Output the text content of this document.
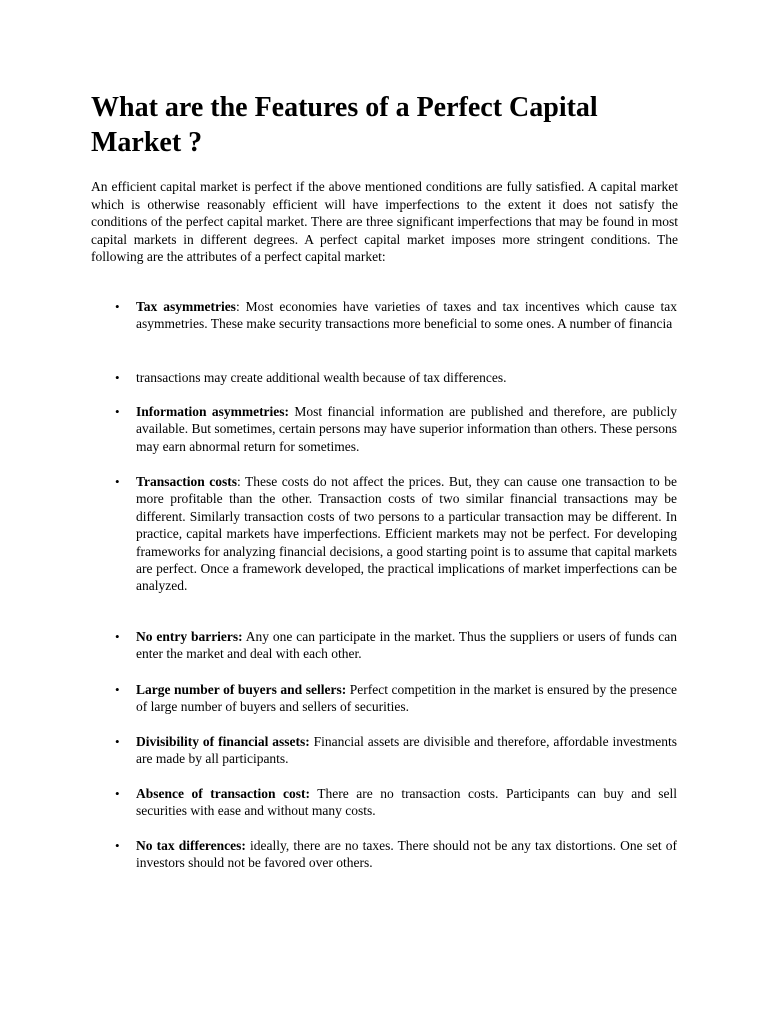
What are the Features of a Perfect Capital Market ?

An efficient capital market is perfect if the above mentioned conditions are fully satisfied. A capital market which is otherwise reasonably efficient will have imperfections to the extent it does not satisfy the conditions of the perfect capital market. There are three significant imperfections that may be found in most capital markets in different degrees. A perfect capital market imposes more stringent conditions. The following are the attributes of a perfect capital market:

• Tax asymmetries: Most economies have varieties of taxes and tax incentives which cause tax asymmetries. These make security transactions more beneficial to some ones. A number of financia
• transactions may create additional wealth because of tax differences.
• Information asymmetries: Most financial information are published and therefore, are publicly available. But sometimes, certain persons may have superior information than others. These persons may earn abnormal return for sometimes.
• Transaction costs: These costs do not affect the prices. But, they can cause one transaction to be more profitable than the other. Transaction costs of two similar financial transactions may be different. Similarly transaction costs of two persons to a particular transaction may be different. In practice, capital markets have imperfections. Efficient markets may not be perfect. For developing frameworks for analyzing financial decisions, a good starting point is to assume that capital markets are perfect. Once a framework developed, the practical implications of market imperfections can be analyzed.
• No entry barriers: Any one can participate in the market. Thus the suppliers or users of funds can enter the market and deal with each other.
• Large number of buyers and sellers: Perfect competition in the market is ensured by the presence of large number of buyers and sellers of securities.
• Divisibility of financial assets: Financial assets are divisible and therefore, affordable investments are made by all participants.
• Absence of transaction cost: There are no transaction costs. Participants can buy and sell securities with ease and without many costs.
• No tax differences: ideally, there are no taxes. There should not be any tax distortions. One set of investors should not be favored over others.
